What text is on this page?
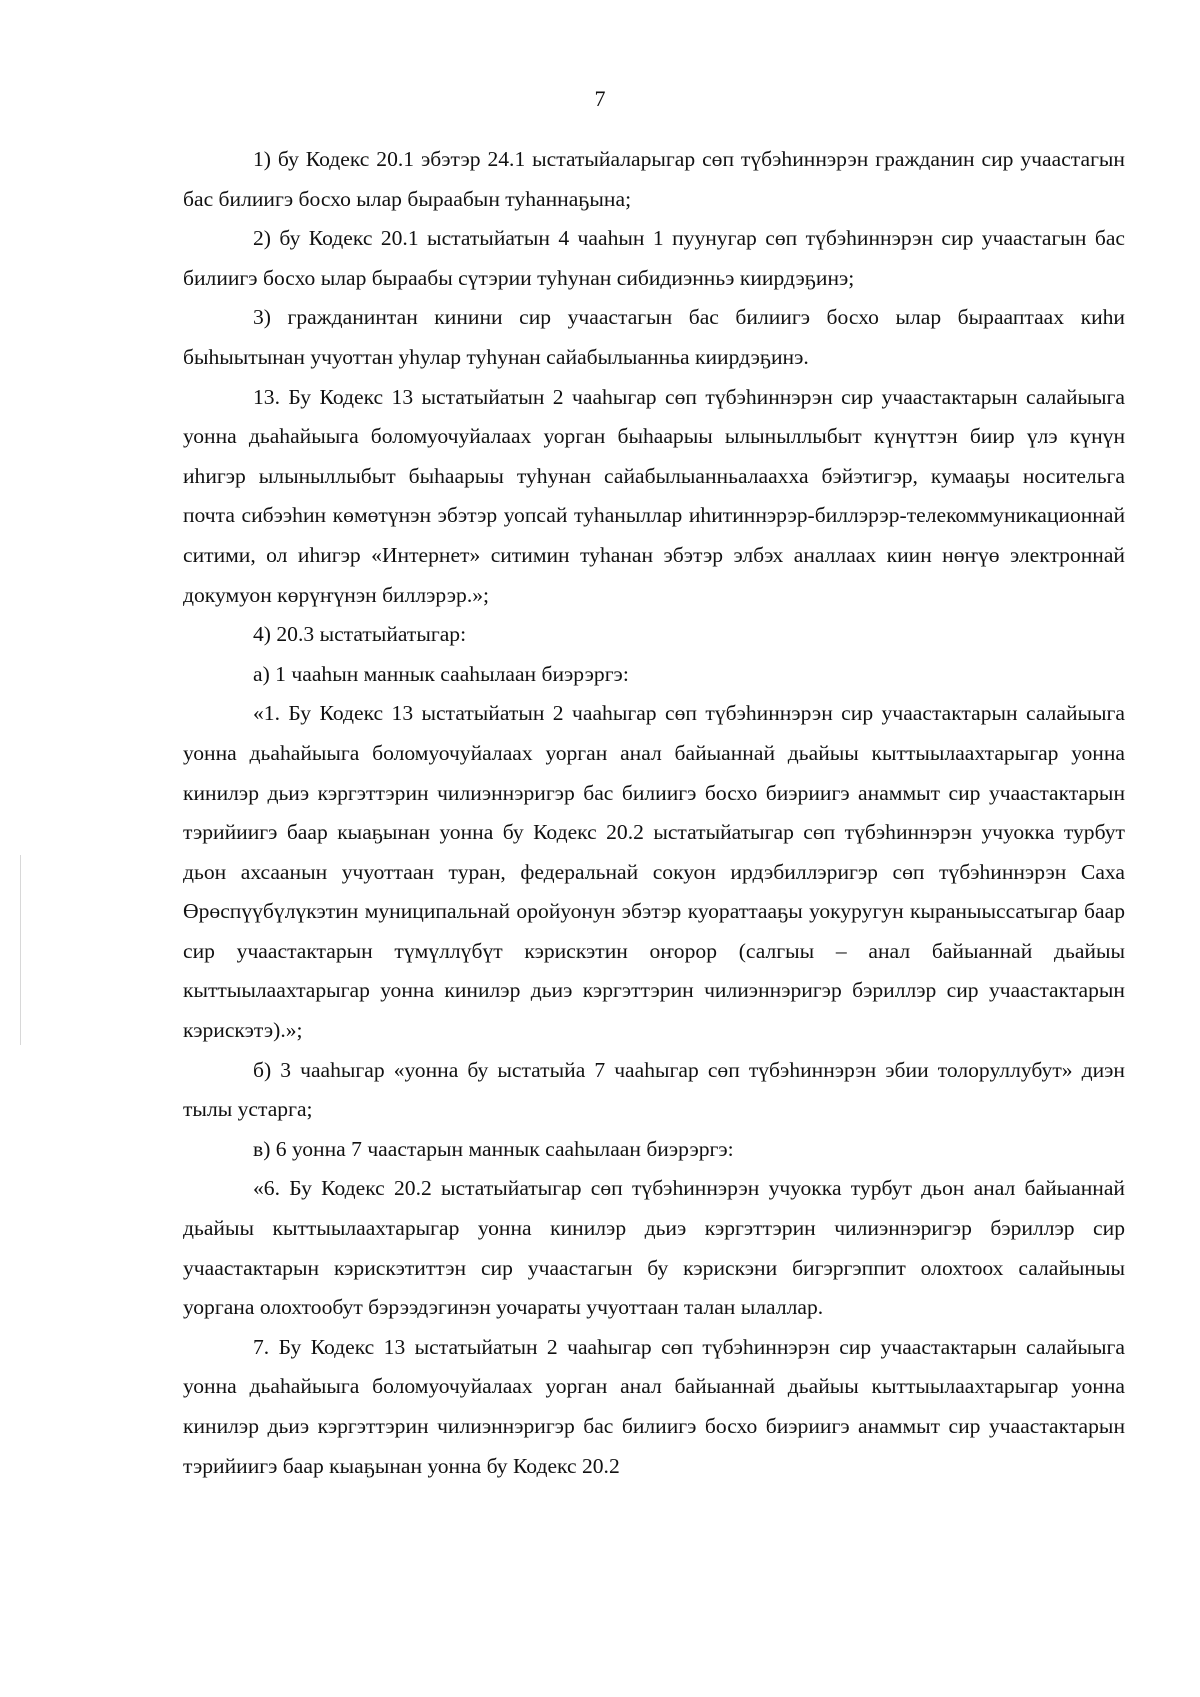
7

1) бу Кодекс 20.1 эбэтэр 24.1 ыстатыйаларыгар сөп түбэһиннэрэн гражданин сир учаастагын бас билиигэ босхо ылар быраабын туһаннаҕына;

2) бу Кодекс 20.1 ыстатыйатын 4 чааһын 1 пуунугар сөп түбэһиннэрэн сир учаастагын бас билиигэ босхо ылар быраабы сүтэрии туһунан сибидиэнньэ киирдэҕинэ;

3) гражданинтан кинини сир учаастагын бас билиигэ босхо ылар бырааптаах киһи быһыытынан учуоттан уһулар туһунан сайабылыанньа киирдэҕинэ.

13. Бу Кодекс 13 ыстатыйатын 2 чааһыгар сөп түбэһиннэрэн сир учаастактарын салайыыга уонна дьаһайыыга боломуочуйалаах уорган быһаарыы ылыныллыбыт күнүттэн биир үлэ күнүн иһигэр ылыныллыбыт быһаарыы туһунан сайабылыанньалаахха бэйэтигэр, кумааҕы носительга почта сибээһин көмөтүнэн эбэтэр уопсай туһаныллар иһитиннэрэр-биллэрэр-телекоммуникационнай ситими, ол иһигэр «Интернет» ситимин туһанан эбэтэр элбэх аналлаах киин нөҥүө электроннай докумуон көрүҥүнэн биллэрэр.»;

4) 20.3 ыстатыйатыгар:

а) 1 чааһын маннык сааһылаан биэрэргэ:

«1. Бу Кодекс 13 ыстатыйатын 2 чааһыгар сөп түбэһиннэрэн сир учаастактарын салайыыга уонна дьаһайыыга боломуочуйалаах уорган анал байыаннай дьайыы кыттыылаахтарыгар уонна кинилэр дьиэ кэргэттэрин чилиэннэригэр бас билиигэ босхо биэриигэ анаммыт сир учаастактарын тэрийиигэ баар кыаҕынан уонна бу Кодекс 20.2 ыстатыйатыгар сөп түбэһиннэрэн учуокка турбут дьон ахсаанын учуоттаан туран, федеральнай сокуон ирдэбиллэригэр сөп түбэһиннэрэн Саха Өрөспүүбүлүкэтин муниципальнай оройуонун эбэтэр куораттааҕы уокуругун кыраныыссатыгар баар сир учаастактарын түмүллүбүт кэрискэтин оҥорор (салгыы – анал байыаннай дьайыы кыттыылаахтарыгар уонна кинилэр дьиэ кэргэттэрин чилиэннэригэр бэриллэр сир учаастактарын кэрискэтэ).»;

б) 3 чааһыгар «уонна бу ыстатыйа 7 чааһыгар сөп түбэһиннэрэн эбии толоруллубут» диэн тылы устарга;

в) 6 уонна 7 чаастарын маннык сааһылаан биэрэргэ:

«6. Бу Кодекс 20.2 ыстатыйатыгар сөп түбэһиннэрэн учуокка турбут дьон анал байыаннай дьайыы кыттыылаахтарыгар уонна кинилэр дьиэ кэргэттэрин чилиэннэригэр бэриллэр сир учаастактарын кэрискэтиттэн сир учаастагын бу кэрискэни бигэргэппит олохтоох салайыныы уоргана олохтообут бэрээдэгинэн уочараты учуоттаан талан ылаллар.

7. Бу Кодекс 13 ыстатыйатын 2 чааһыгар сөп түбэһиннэрэн сир учаастактарын салайыыга уонна дьаһайыыга боломуочуйалаах уорган анал байыаннай дьайыы кыттыылаахтарыгар уонна кинилэр дьиэ кэргэттэрин чилиэннэригэр бас билиигэ босхо биэриигэ анаммыт сир учаастактарын тэрийиигэ баар кыаҕынан уонна бу Кодекс 20.2
